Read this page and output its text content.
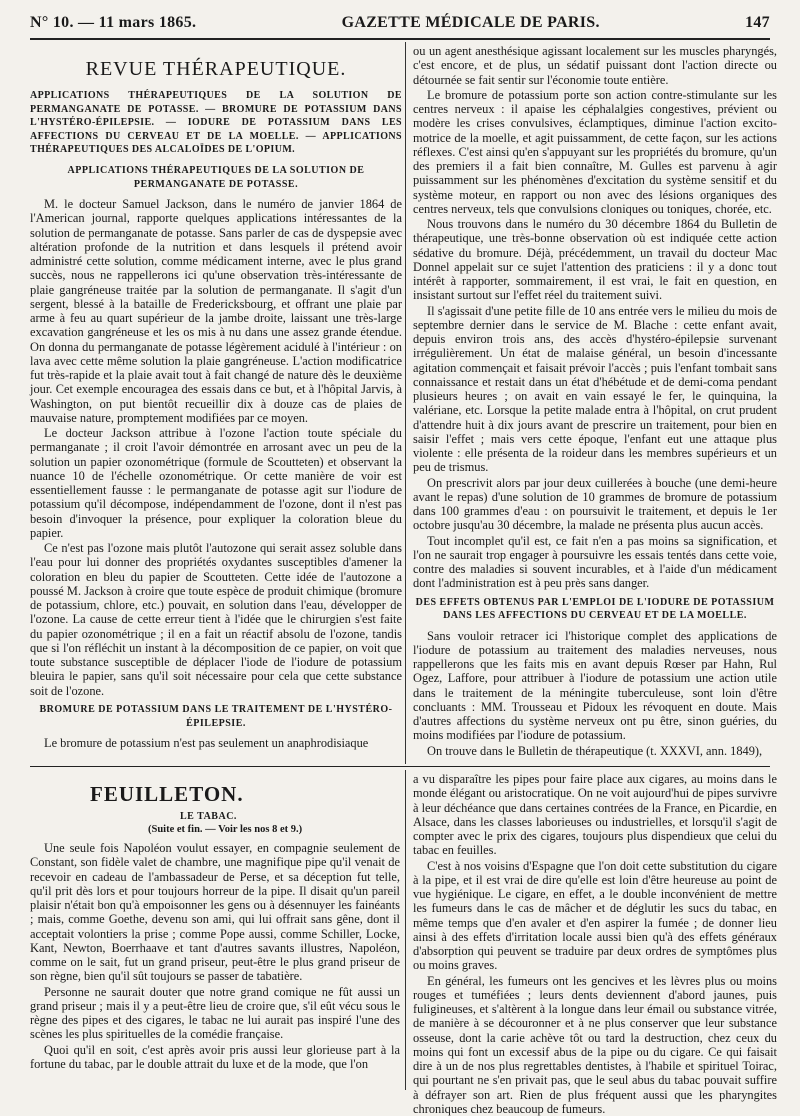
N° 10. — 11 mars 1865.	GAZETTE MÉDICALE DE PARIS.	147
REVUE THÉRAPEUTIQUE.
APPLICATIONS THÉRAPEUTIQUES DE LA SOLUTION DE PERMANGANATE DE POTASSE. — BROMURE DE POTASSIUM DANS L'HYSTÉRO-ÉPILEPSIE. — IODURE DE POTASSIUM DANS LES AFFECTIONS DU CERVEAU ET DE LA MOELLE. — APPLICATIONS THÉRAPEUTIQUES DES ALCALOÏDES DE L'OPIUM.
APPLICATIONS THÉRAPEUTIQUES DE LA SOLUTION DE PERMANGANATE DE POTASSE.

M. le docteur Samuel Jackson, dans le numéro de janvier 1864 de l'American journal, rapporte quelques applications intéressantes de la solution de permanganate de potasse. Sans parler de cas de dyspepsie avec altération profonde de la nutrition et dans lesquels il prétend avoir administré cette solution, comme médicament interne, avec le plus grand succès, nous ne rappellerons ici qu'une observation très-intéressante de plaie gangréneuse traitée par la solution de permanganate. Il s'agit d'un sergent, blessé à la bataille de Fredericksbourg, et offrant une plaie par arme à feu au quart supérieur de la jambe droite, laissant une très-large excavation gangréneuse et les os mis à nu dans une assez grande étendue. On donna du permanganate de potasse légèrement acidulé à l'intérieur : on lava avec cette même solution la plaie gangréneuse. L'action modificatrice fut très-rapide et la plaie avait tout à fait changé de nature dès le deuxième jour. Cet exemple encouragea des essais dans ce but, et à l'hôpital Jarvis, à Washington, on put bientôt recueillir dix à douze cas de plaies de mauvaise nature, promptement modifiées par ce moyen.

Le docteur Jackson attribue à l'ozone l'action toute spéciale du permanganate ; il croit l'avoir démontrée en arrosant avec un peu de la solution un papier ozonométrique (formule de Scoutteten) et observant la nuance 10 de l'échelle ozonométrique. Or cette manière de voir est essentiellement fausse : le permanganate de potasse agit sur l'iodure de potassium qu'il décompose, indépendamment de l'ozone, dont il n'est pas besoin d'invoquer la présence, pour expliquer la coloration bleue du papier.

Ce n'est pas l'ozone mais plutôt l'autozone qui serait assez soluble dans l'eau pour lui donner des propriétés oxydantes susceptibles d'amener la coloration en bleu du papier de Scoutteten. Cette idée de l'autozone a poussé M. Jackson à croire que toute espèce de produit chimique (bromure de potassium, chlore, etc.) pouvait, en solution dans l'eau, développer de l'ozone. La cause de cette erreur tient à l'idée que le chirurgien s'est faite du papier ozonométrique ; il en a fait un réactif absolu de l'ozone, tandis que si l'on réfléchit un instant à la décomposition de ce papier, on voit que toute substance susceptible de déplacer l'iode de l'iodure de potassium bleuira le papier, sans qu'il soit nécessaire pour cela que cette substance soit de l'ozone.

BROMURE DE POTASSIUM DANS LE TRAITEMENT DE L'HYSTÉRO-ÉPILEPSIE.

Le bromure de potassium n'est pas seulement un anaphrodisiaque

ou un agent anesthésique agissant localement sur les muscles pharyngés, c'est encore, et de plus, un sédatif puissant dont l'action directe ou détournée se fait sentir sur l'économie toute entière.

Le bromure de potassium porte son action contre-stimulante sur les centres nerveux : il apaise les céphalalgies congestives, prévient ou modère les crises convulsives, éclamptiques, diminue l'action excito-motrice de la moelle, et agit puissamment, de cette façon, sur les actions réflexes. C'est ainsi qu'en s'appuyant sur les propriétés du bromure, qu'un des premiers il a fait bien connaître, M. Gulles est parvenu à agir puissamment sur les phénomènes d'excitation du système sensitif et du système moteur, en rapport ou non avec des lésions organiques des centres nerveux, tels que convulsions cloniques ou toniques, chorée, etc.

Nous trouvons dans le numéro du 30 décembre 1864 du Bulletin de thérapeutique, une très-bonne observation où est indiquée cette action sédative du bromure. Déjà, précédemment, un travail du docteur Mac Donnel appelait sur ce sujet l'attention des praticiens : il y a donc tout intérêt à rapporter, sommairement, il est vrai, le fait en question, en insistant surtout sur l'effet réel du traitement suivi.

Il s'agissait d'une petite fille de 10 ans entrée vers le milieu du mois de septembre dernier dans le service de M. Blache : cette enfant avait, depuis environ trois ans, des accès d'hystéro-épilepsie survenant irrégulièrement. Un état de malaise général, un besoin d'incessante agitation commençait et faisait prévoir l'accès ; puis l'enfant tombait sans connaissance et restait dans un état d'hébétude et de demi-coma pendant plusieurs heures ; on avait en vain essayé le fer, le quinquina, la valériane, etc. Lorsque la petite malade entra à l'hôpital, on crut prudent d'attendre huit à dix jours avant de prescrire un traitement, pour bien en saisir l'effet ; mais vers cette époque, l'enfant eut une attaque plus violente : elle présenta de la roideur dans les membres supérieurs et un peu de trismus.

On prescrivit alors par jour deux cuillerées à bouche (une demi-heure avant le repas) d'une solution de 10 grammes de bromure de potassium dans 100 grammes d'eau : on poursuivit le traitement, et depuis le 1er octobre jusqu'au 30 décembre, la malade ne présenta plus aucun accès.

Tout incomplet qu'il est, ce fait n'en a pas moins sa signification, et l'on ne saurait trop engager à poursuivre les essais tentés dans cette voie, contre des maladies si souvent incurables, et à l'aide d'un médicament dont l'administration est à peu près sans danger.

DES EFFETS OBTENUS PAR L'EMPLOI DE L'IODURE DE POTASSIUM DANS LES AFFECTIONS DU CERVEAU ET DE LA MOELLE.

Sans vouloir retracer ici l'historique complet des applications de l'iodure de potassium au traitement des maladies nerveuses, nous rappellerons que les faits mis en avant depuis Rœser par Hahn, Rul Ogez, Laffore, pour attribuer à l'iodure de potassium une action utile dans le traitement de la méningite tuberculeuse, sont loin d'être concluants : MM. Trousseau et Pidoux les révoquent en doute. Mais d'autres affections du système nerveux ont pu être, sinon guéries, du moins modifiées par l'iodure de potassium.

On trouve dans le Bulletin de thérapeutique (t. XXXVI, ann. 1849),

FEUILLETON.
LE TABAC.
(Suite et fin. — Voir les nos 8 et 9.)

Une seule fois Napoléon voulut essayer, en compagnie seulement de Constant, son fidèle valet de chambre, une magnifique pipe qu'il venait de recevoir en cadeau de l'ambassadeur de Perse, et sa déception fut telle, qu'il prit dès lors et pour toujours horreur de la pipe. Il disait qu'un pareil plaisir n'était bon qu'à empoisonner les gens ou à désennuyer les fainéants ; mais, comme Goethe, devenu son ami, qui lui offrait sans gêne, dont il acceptait volontiers la prise ; comme Pope aussi, comme Schiller, Locke, Kant, Newton, Boerrhaave et tant d'autres savants illustres, Napoléon, comme on le sait, fut un grand priseur, peut-être le plus grand priseur de son règne, bien qu'il sût toujours se passer de tabatière.

Personne ne saurait douter que notre grand comique ne fût aussi un grand priseur ; mais il y a peut-être lieu de croire que, s'il eût vécu sous le règne des pipes et des cigares, le tabac ne lui aurait pas inspiré l'une des scènes les plus spirituelles de la comédie française.

Quoi qu'il en soit, c'est après avoir pris aussi leur glorieuse part à la fortune du tabac, par le double attrait du luxe et de la mode, que l'on

a vu disparaître les pipes pour faire place aux cigares, au moins dans le monde élégant ou aristocratique. On ne voit aujourd'hui de pipes survivre à leur déchéance que dans certaines contrées de la France, en Picardie, en Alsace, dans les classes laborieuses ou industrielles, et lorsqu'il s'agit de compter avec le prix des cigares, toujours plus dispendieux que celui du tabac en feuilles.

C'est à nos voisins d'Espagne que l'on doit cette substitution du cigare à la pipe, et il est vrai de dire qu'elle est loin d'être heureuse au point de vue hygiénique. Le cigare, en effet, a le double inconvénient de mettre les fumeurs dans le cas de mâcher et de déglutir les sucs du tabac, en même temps que d'en avaler et d'en aspirer la fumée ; de donner lieu ainsi à des effets d'irritation locale aussi bien qu'à des effets généraux d'absorption qui peuvent se traduire par deux ordres de symptômes plus ou moins graves.

En général, les fumeurs ont les gencives et les lèvres plus ou moins rouges et tuméfiées ; leurs dents deviennent d'abord jaunes, puis fuligineuses, et s'altèrent à la longue dans leur émail ou substance vitrée, de manière à se découronner et à ne plus conserver que leur substance osseuse, dont la carie achève tôt ou tard la destruction, chez ceux du moins qui font un excessif abus de la pipe ou du cigare. Ce qui faisait dire à un de nos plus regrettables dentistes, à l'habile et spirituel Toirac, qui pourtant ne s'en privait pas, que le seul abus du tabac pouvait suffire à défrayer son art. Rien de plus fréquent aussi que les pharyngites chroniques chez beaucoup de fumeurs.
